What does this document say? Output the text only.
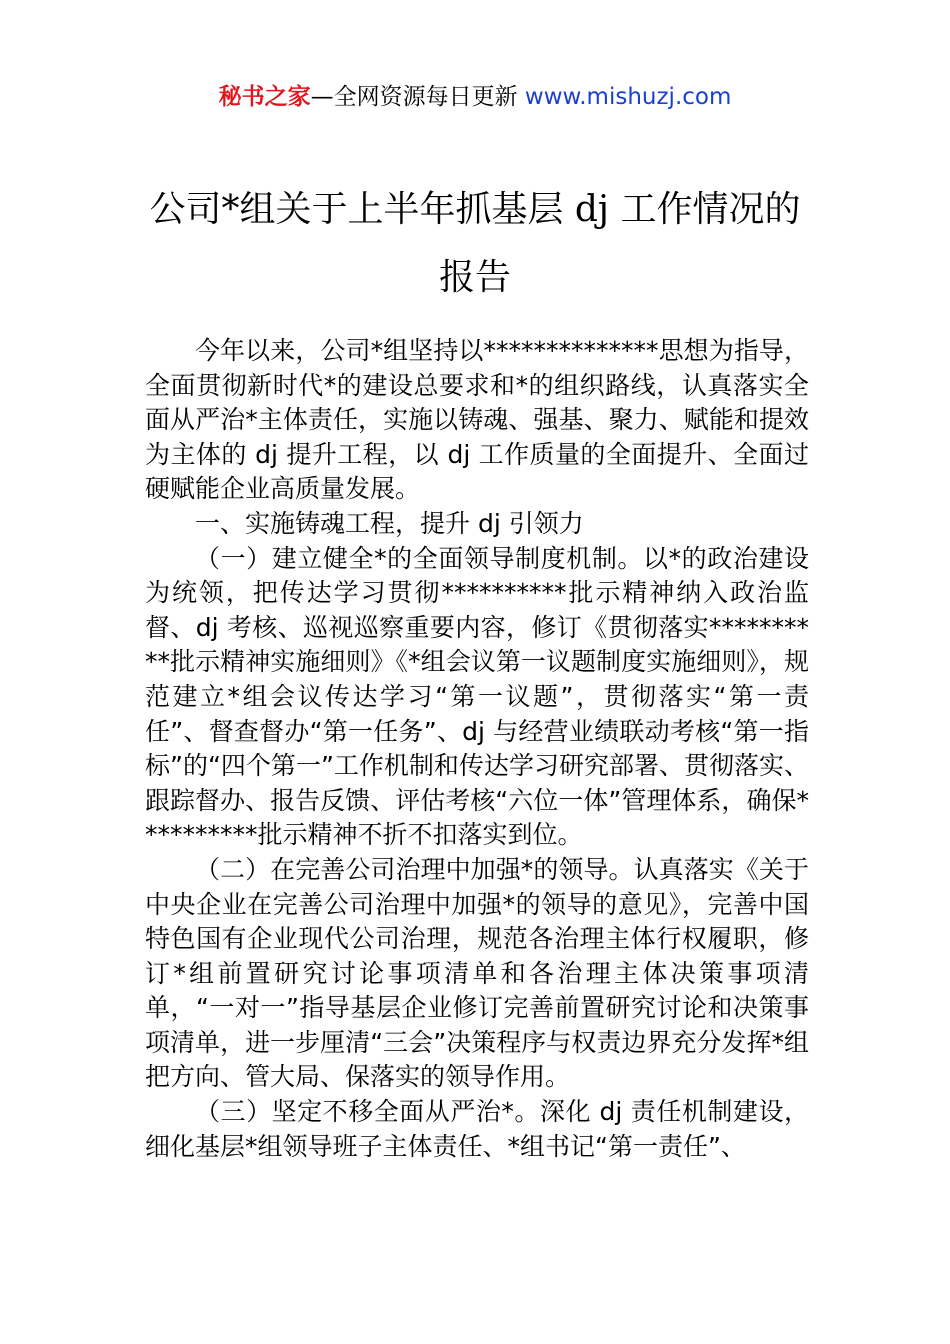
秘书之家—全网资源每日更新 www.mishuzj.com
公司*组关于上半年抓基层 dj 工作情况的
报告

今年以来，公司*组坚持以**************思想为指导，全面贯彻新时代*的建设总要求和*的组织路线，认真落实全面从严治*主体责任，实施以铸魂、强基、聚力、赋能和提效为主体的 dj 提升工程，以 dj 工作质量的全面提升、全面过硬赋能企业高质量发展。

一、实施铸魂工程，提升 dj 引领力

（一）建立健全*的全面领导制度机制。以*的政治建设为统领，把传达学习贯彻**********批示精神纳入政治监督、dj 考核、巡视巡察重要内容，修订《贯彻落实**********批示精神实施细则》《*组会议第一议题制度实施细则》，规范建立*组会议传达学习“第一议题”，贯彻落实“第一责任”、督查督办“第一任务”、dj 与经营业绩联动考核“第一指标”的“四个第一”工作机制和传达学习研究部署、贯彻落实、跟踪督办、报告反馈、评估考核“六位一体”管理体系，确保**********批示精神不折不扣落实到位。

（二）在完善公司治理中加强*的领导。认真落实《关于中央企业在完善公司治理中加强*的领导的意见》，完善中国特色国有企业现代公司治理，规范各治理主体行权履职，修订*组前置研究讨论事项清单和各治理主体决策事项清单，“一对一”指导基层企业修订完善前置研究讨论和决策事项清单，进一步厘清“三会”决策程序与权责边界充分发挥*组把方向、管大局、保落实的领导作用。

（三）坚定不移全面从严治*。深化 dj 责任机制建设，细化基层*组领导班子主体责任、*组书记“第一责任”、
